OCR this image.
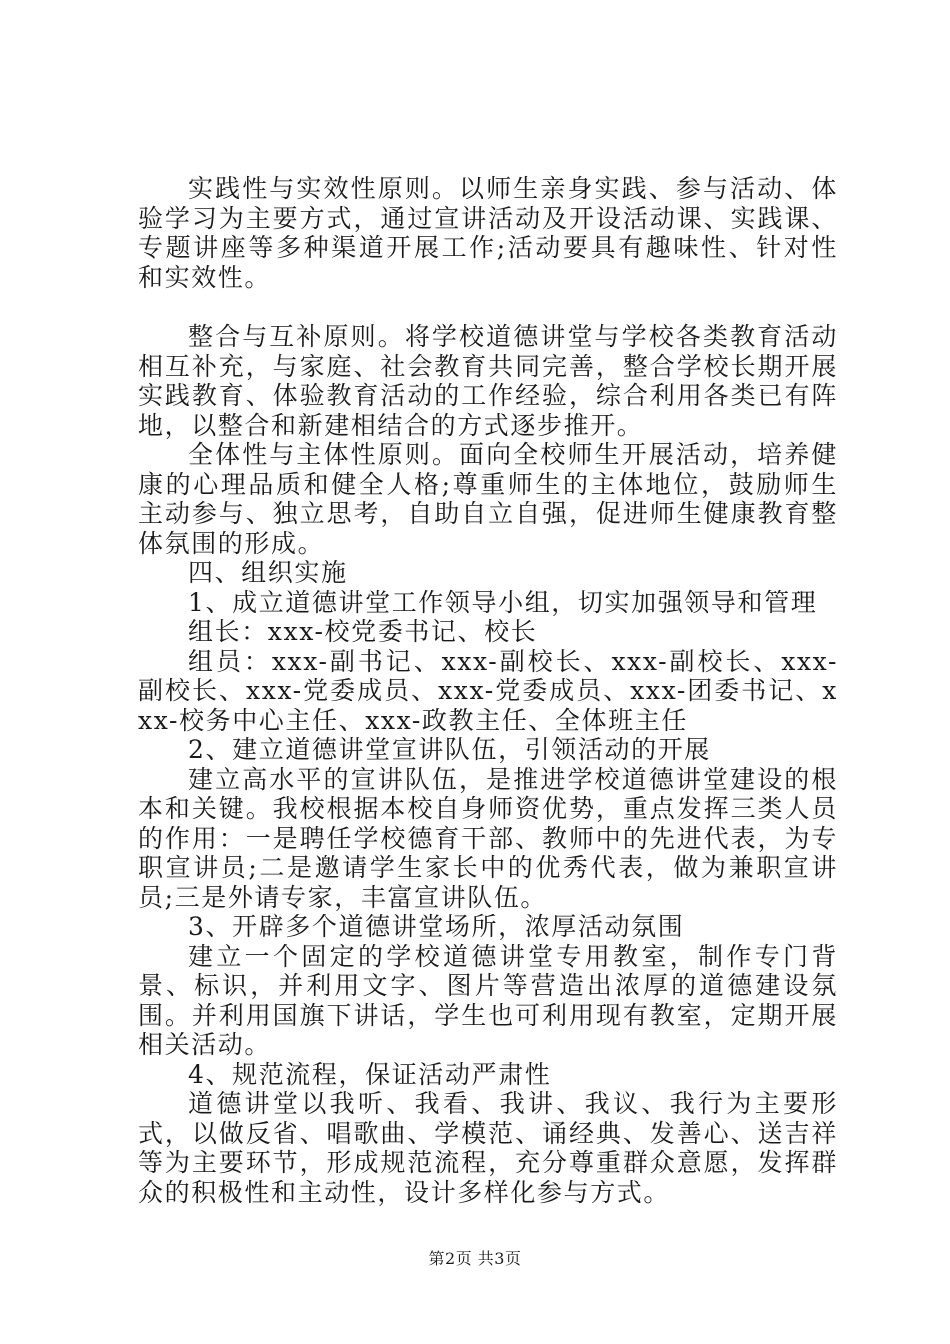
实践性与实效性原则。以师生亲身实践、参与活动、体验学习为主要方式，通过宣讲活动及开设活动课、实践课、专题讲座等多种渠道开展工作;活动要具有趣味性、针对性和实效性。

整合与互补原则。将学校道德讲堂与学校各类教育活动相互补充，与家庭、社会教育共同完善，整合学校长期开展实践教育、体验教育活动的工作经验，综合利用各类已有阵地，以整合和新建相结合的方式逐步推开。

全体性与主体性原则。面向全校师生开展活动，培养健康的心理品质和健全人格;尊重师生的主体地位，鼓励师生主动参与、独立思考，自助自立自强，促进师生健康教育整体氛围的形成。

四、组织实施

1、成立道德讲堂工作领导小组，切实加强领导和管理

组长：xxx-校党委书记、校长

组员：xxx-副书记、xxx-副校长、xxx-副校长、xxx-副校长、xxx-党委成员、xxx-党委成员、xxx-团委书记、xxx-校务中心主任、xxx-政教主任、全体班主任

2、建立道德讲堂宣讲队伍，引领活动的开展

建立高水平的宣讲队伍，是推进学校道德讲堂建设的根本和关键。我校根据本校自身师资优势，重点发挥三类人员的作用：一是聘任学校德育干部、教师中的先进代表，为专职宣讲员;二是邀请学生家长中的优秀代表，做为兼职宣讲员;三是外请专家，丰富宣讲队伍。

3、开辟多个道德讲堂场所，浓厚活动氛围

建立一个固定的学校道德讲堂专用教室，制作专门背景、标识，并利用文字、图片等营造出浓厚的道德建设氛围。并利用国旗下讲话，学生也可利用现有教室，定期开展相关活动。

4、规范流程，保证活动严肃性

道德讲堂以我听、我看、我讲、我议、我行为主要形式，以做反省、唱歌曲、学模范、诵经典、发善心、送吉祥等为主要环节，形成规范流程，充分尊重群众意愿，发挥群众的积极性和主动性，设计多样化参与方式。

第2页 共3页
